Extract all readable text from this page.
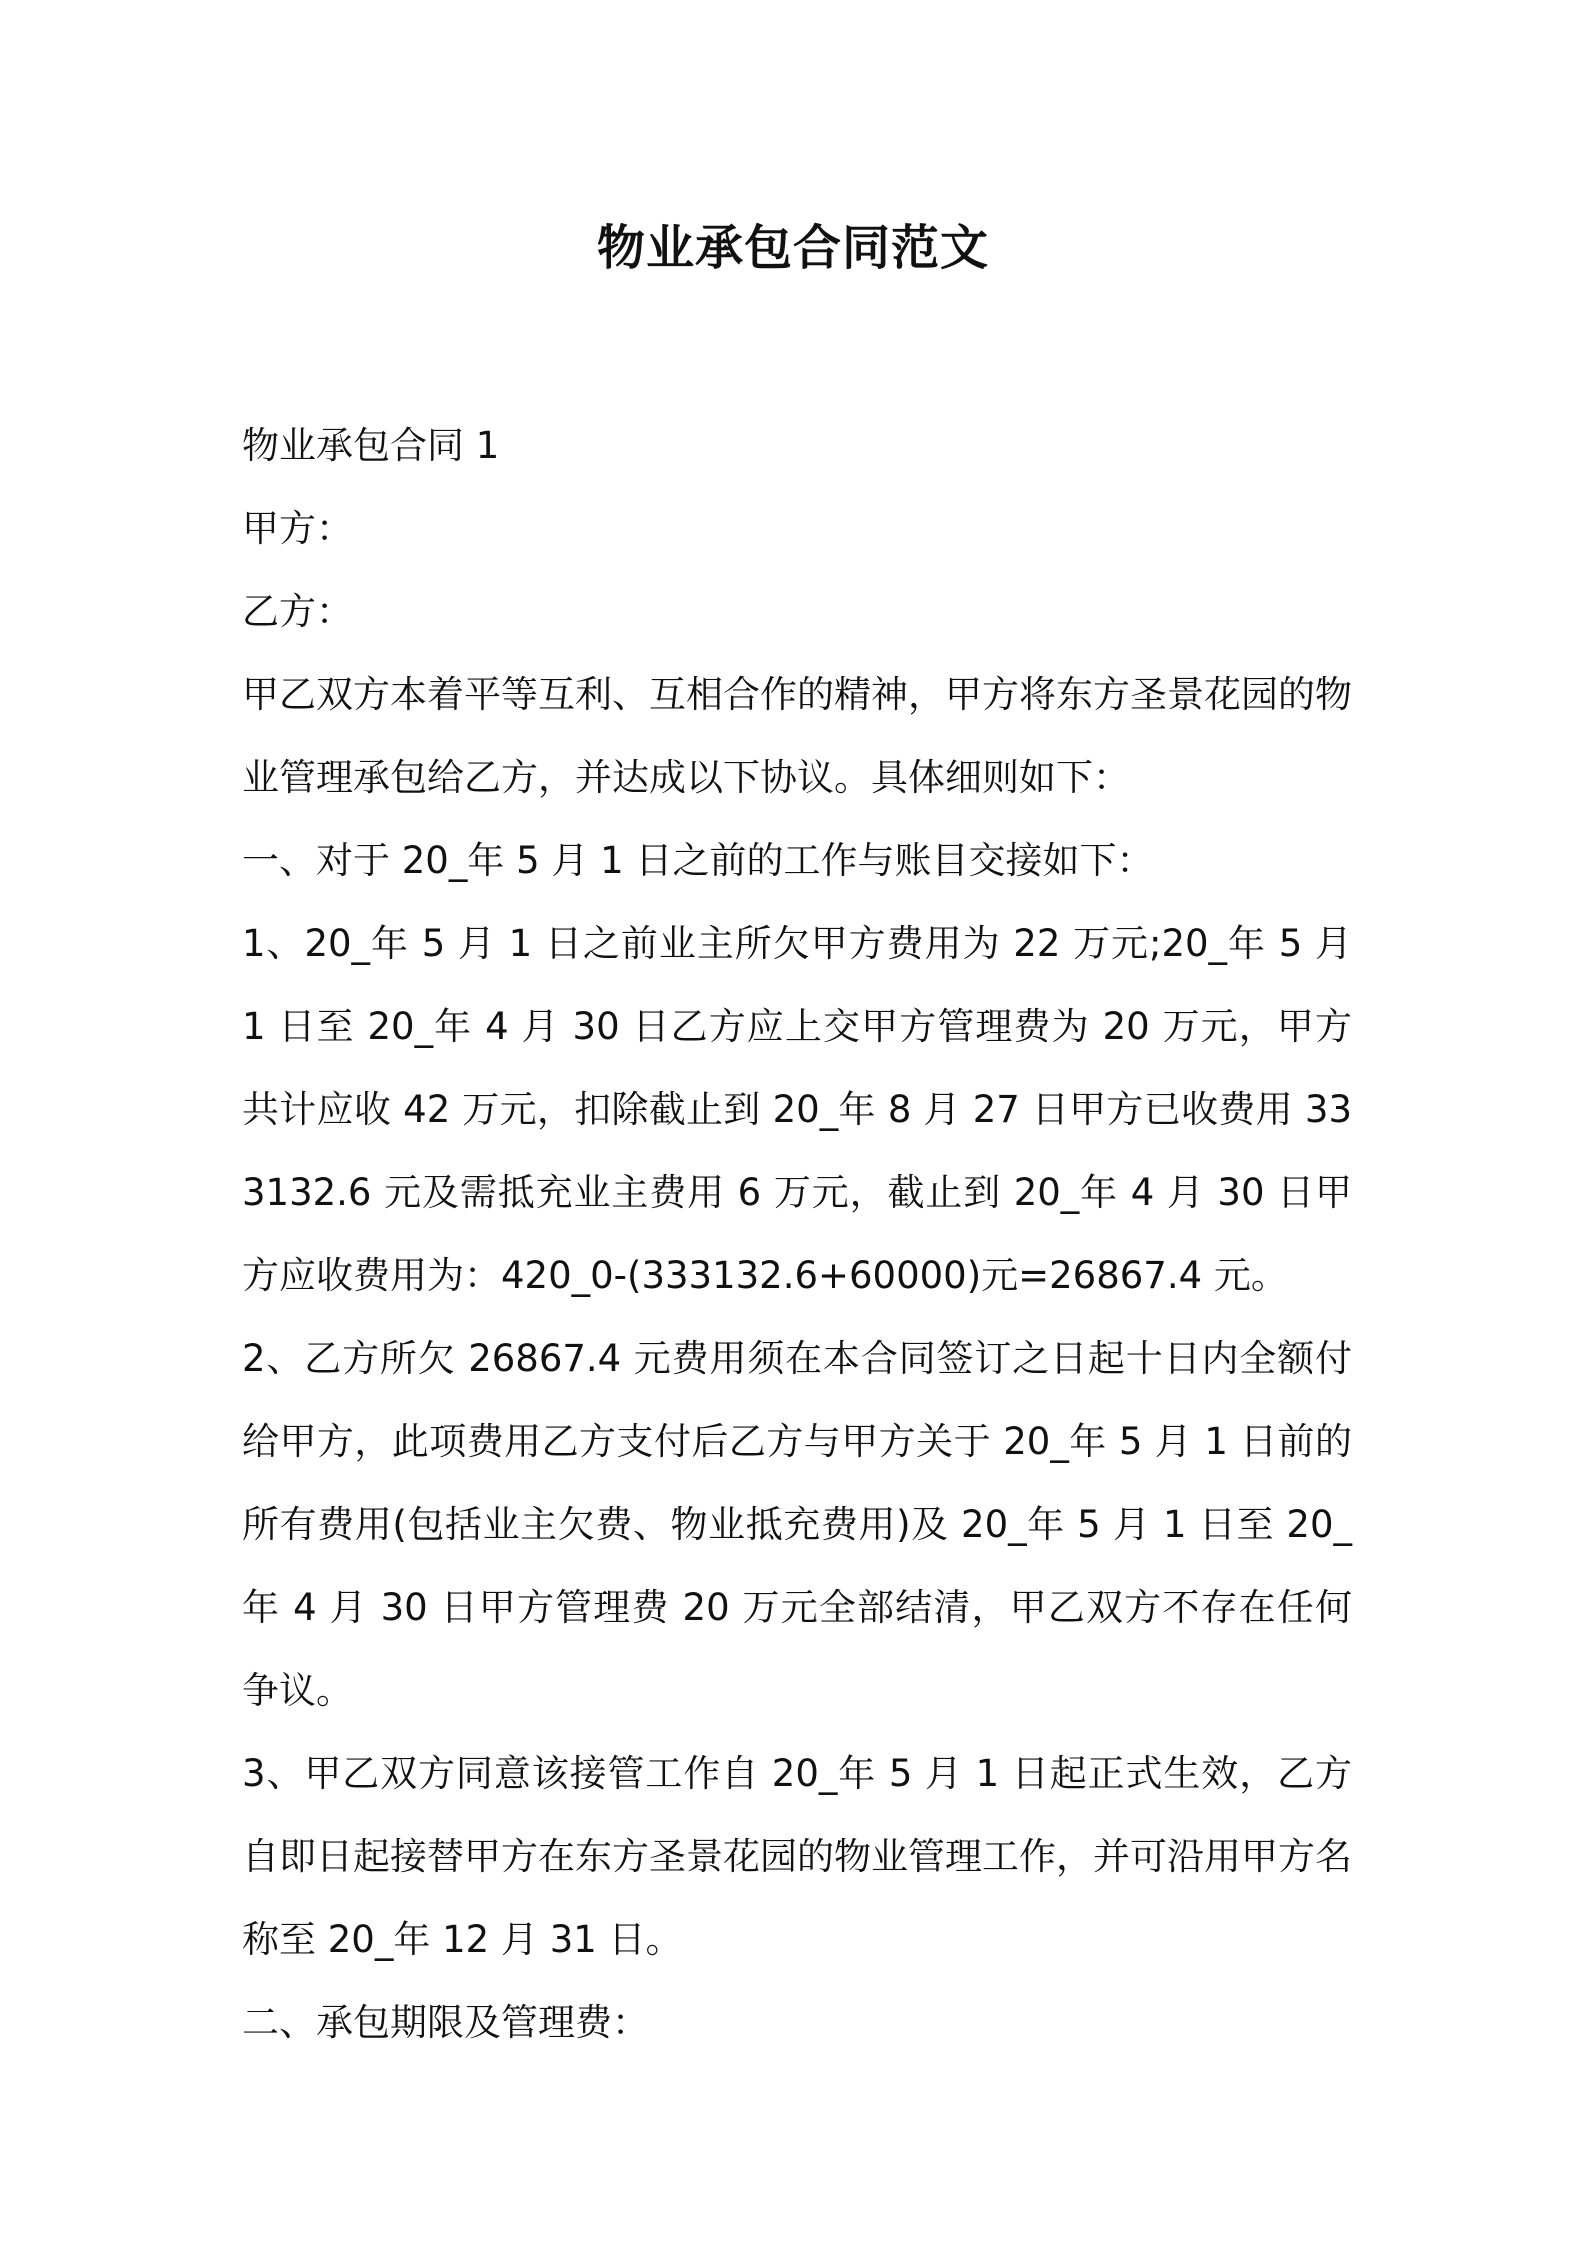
物业承包合同范文

物业承包合同 1

甲方：

乙方：

甲乙双方本着平等互利、互相合作的精神，甲方将东方圣景花园的物业管理承包给乙方，并达成以下协议。具体细则如下：

一、对于 20_年 5 月 1 日之前的工作与账目交接如下：

1、20_年 5 月 1 日之前业主所欠甲方费用为 22 万元;20_年 5 月 1 日至 20_年 4 月 30 日乙方应上交甲方管理费为 20 万元，甲方共计应收 42 万元，扣除截止到 20_年 8 月 27 日甲方已收费用 333132.6 元及需抵充业主费用 6 万元，截止到 20_年 4 月 30 日甲方应收费用为：420_0-(333132.6+60000)元=26867.4 元。

2、乙方所欠 26867.4 元费用须在本合同签订之日起十日内全额付给甲方，此项费用乙方支付后乙方与甲方关于 20_年 5 月 1 日前的所有费用(包括业主欠费、物业抵充费用)及 20_年 5 月 1 日至 20_年 4 月 30 日甲方管理费 20 万元全部结清，甲乙双方不存在任何争议。

3、甲乙双方同意该接管工作自 20_年 5 月 1 日起正式生效，乙方自即日起接替甲方在东方圣景花园的物业管理工作，并可沿用甲方名称至 20_年 12 月 31 日。

二、承包期限及管理费：
